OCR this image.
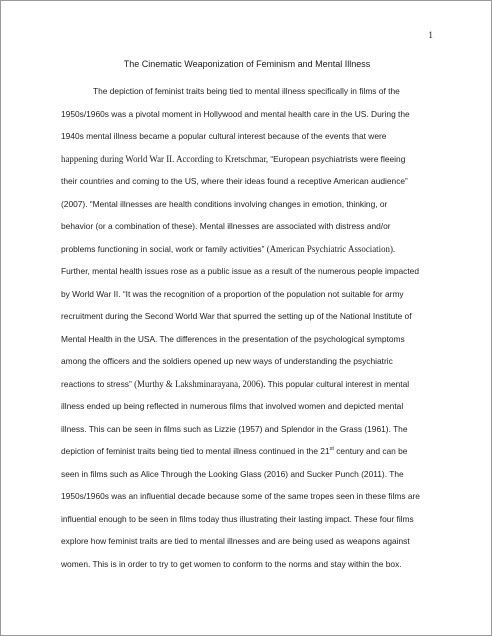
1
The Cinematic Weaponization of Feminism and Mental Illness
The depiction of feminist traits being tied to mental illness specifically in films of the
1950s/1960s was a pivotal moment in Hollywood and mental health care in the US. During the
1940s mental illness became a popular cultural interest because of the events that were
happening during World War II. According to Kretschmar, “European psychiatrists were fleeing
their countries and coming to the US, where their ideas found a receptive American audience”
(2007). “Mental illnesses are health conditions involving changes in emotion, thinking, or
behavior (or a combination of these). Mental illnesses are associated with distress and/or
problems functioning in social, work or family activities” (American Psychiatric Association).
Further, mental health issues rose as a public issue as a result of the numerous people impacted
by World War II. “It was the recognition of a proportion of the population not suitable for army
recruitment during the Second World War that spurred the setting up of the National Institute of
Mental Health in the USA. The differences in the presentation of the psychological symptoms
among the officers and the soldiers opened up new ways of understanding the psychiatric
reactions to stress” (Murthy & Lakshminarayana, 2006). This popular cultural interest in mental
illness ended up being reflected in numerous films that involved women and depicted mental
illness. This can be seen in films such as Lizzie (1957) and Splendor in the Grass (1961). The
depiction of feminist traits being tied to mental illness continued in the 21st century and can be
seen in films such as Alice Through the Looking Glass (2016) and Sucker Punch (2011). The
1950s/1960s was an influential decade because some of the same tropes seen in these films are
influential enough to be seen in films today thus illustrating their lasting impact. These four films
explore how feminist traits are tied to mental illnesses and are being used as weapons against
women. This is in order to try to get women to conform to the norms and stay within the box.
